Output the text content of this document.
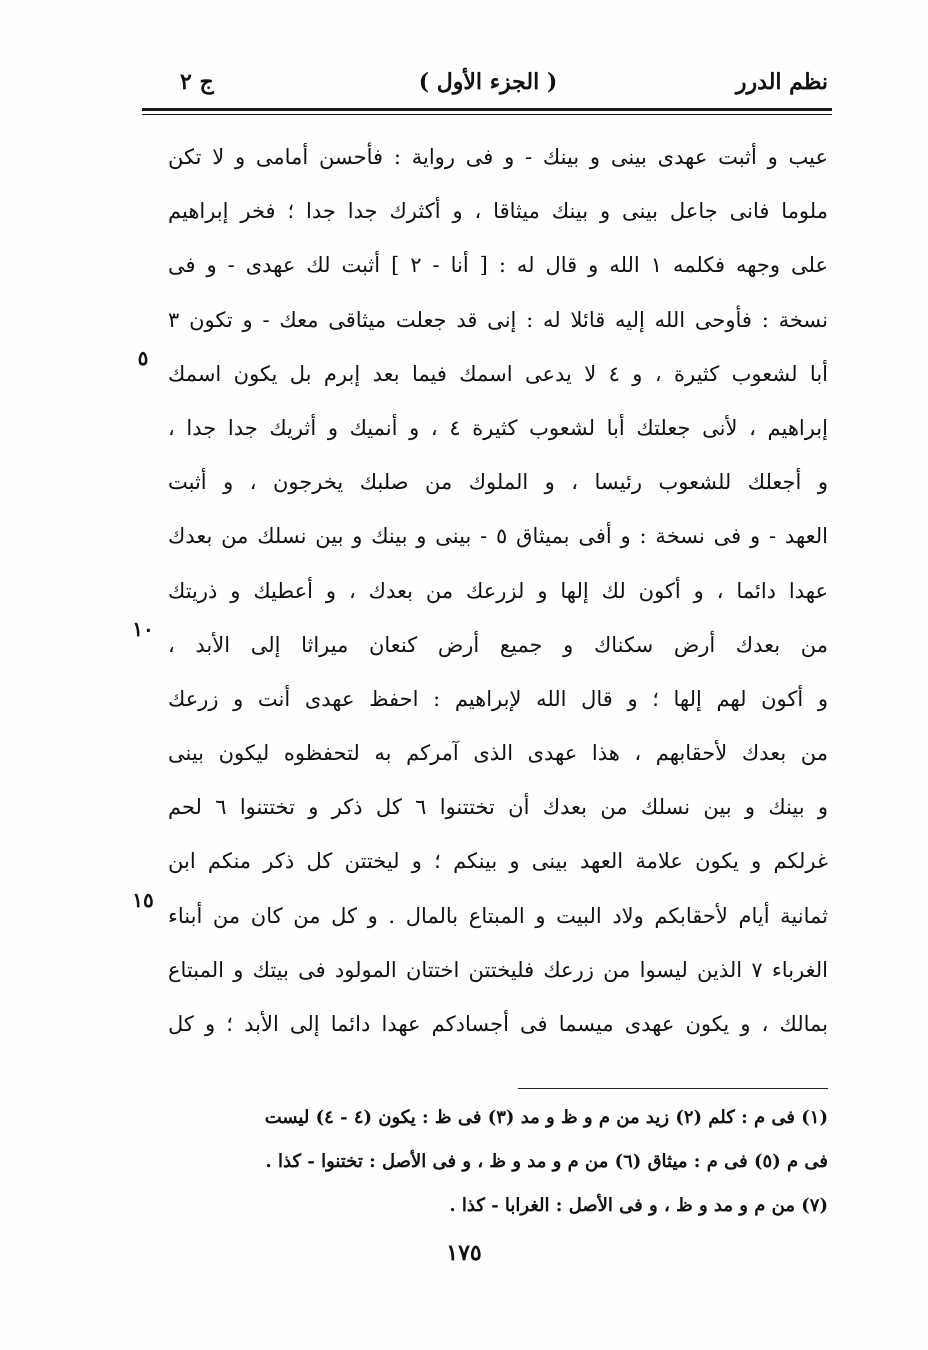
نظم الدرر
( الجزء الأول )
ج ٢
عيب و أثبت عهدى بينى و بينك - و فى رواية : فأحسن أمامى و لا تكن
ملوما فانى جاعل بينى و بينك ميثاقا ، و أكثرك جدا جدا ؛ فخر إبراهيم
على وجهه فكلمه ١ الله و قال له : [ أنا - ٢ ] أثبت لك عهدى - و فى
نسخة : فأوحى الله إليه قائلا له : إنى قد جعلت ميثاقى معك - و تكون ٣
أبا لشعوب كثيرة ، و ٤ لا يدعى اسمك فيما بعد إبرم بل يكون اسمك
إبراهيم ، لأنى جعلتك أبا لشعوب كثيرة ٤ ، و أنميك و أثريك جدا جدا ،
و أجعلك للشعوب رئيسا ، و الملوك من صلبك يخرجون ، و أثبت
العهد - و فى نسخة : و أفى بميثاق ٥ - بينى و بينك و بين نسلك من بعدك
عهدا دائما ، و أكون لك إلها و لزرعك من بعدك ، و أعطيك و ذريتك
من بعدك أرض سكناك و جميع أرض كنعان ميراثا إلى الأبد ،
و أكون لهم إلها ؛ و قال الله لإبراهيم : احفظ عهدى أنت و زرعك
من بعدك لأحقابهم ، هذا عهدى الذى آمركم به لتحفظوه ليكون بينى
و بينك و بين نسلك من بعدك أن تختتنوا ٦ كل ذكر و تختتنوا ٦ لحم
غرلكم و يكون علامة العهد بينى و بينكم ؛ و ليختتن كل ذكر منكم ابن
ثمانية أيام لأحقابكم ولاد البيت و المبتاع بالمال . و كل من كان من أبناء
الغرباء ٧ الذين ليسوا من زرعك فليختتن اختتان المولود فى بيتك و المبتاع
بمالك ، و يكون عهدى ميسما فى أجسادكم عهدا دائما إلى الأبد ؛ و كل
٥
١٠
١٥
(١) فى م : كلم (٢) زيد من م و ظ و مد (٣) فى ظ : يكون (٤ - ٤) ليست
فى م (٥) فى م : ميثاق (٦) من م و مد و ظ ، و فى الأصل : تختنوا - كذا .
(٧) من م و مد و ظ ، و فى الأصل : الغرابا - كذا .
١٧٥
